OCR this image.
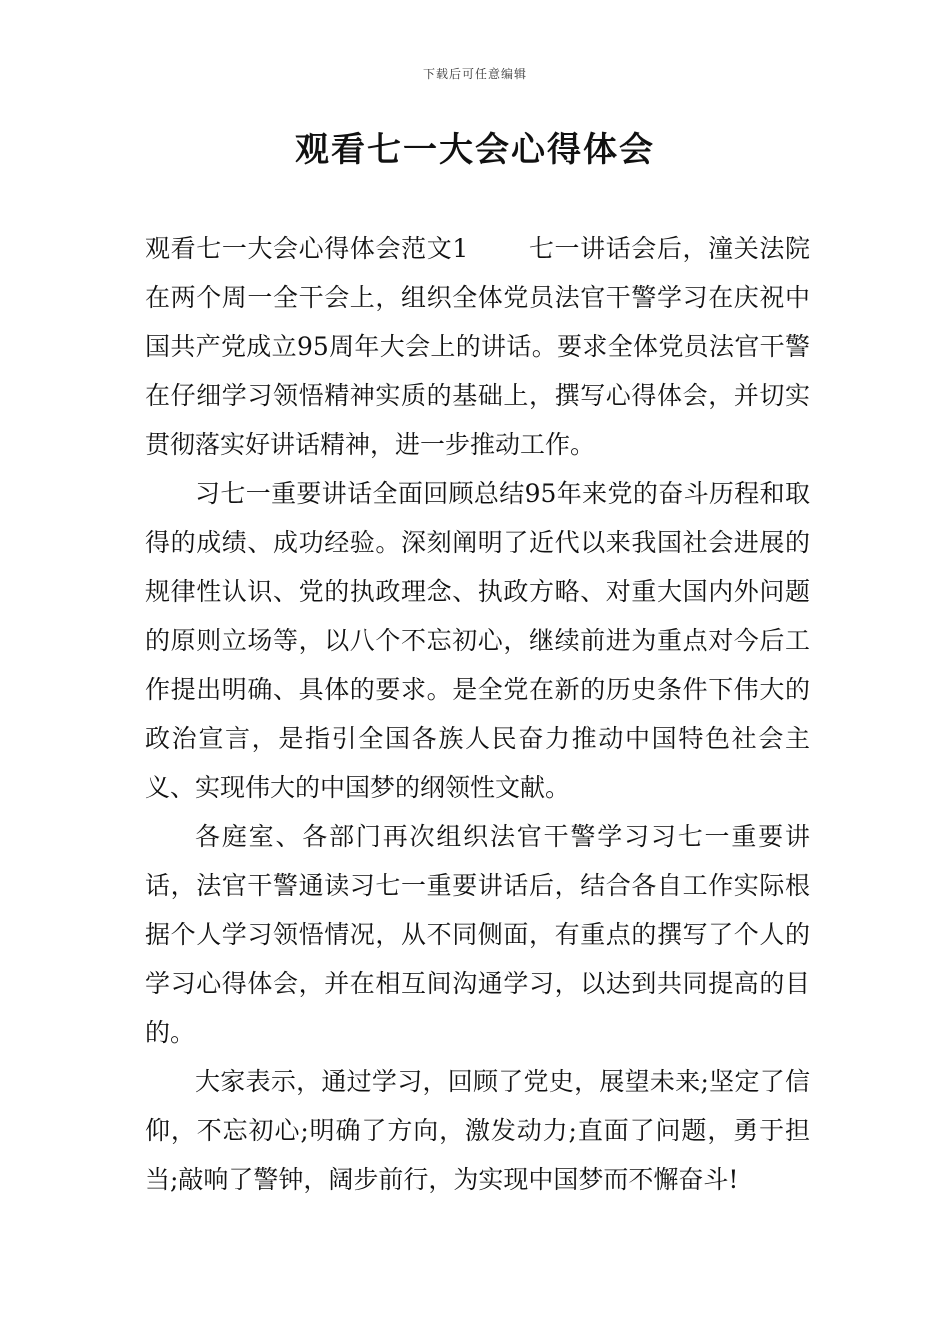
下载后可任意编辑
观看七一大会心得体会

观看七一大会心得体会范文1 七一讲话会后，潼关法院在两个周一全干会上，组织全体党员法官干警学习在庆祝中国共产党成立95周年大会上的讲话。要求全体党员法官干警在仔细学习领悟精神实质的基础上，撰写心得体会，并切实贯彻落实好讲话精神，进一步推动工作。

习七一重要讲话全面回顾总结95年来党的奋斗历程和取得的成绩、成功经验。深刻阐明了近代以来我国社会进展的规律性认识、党的执政理念、执政方略、对重大国内外问题的原则立场等，以八个不忘初心，继续前进为重点对今后工作提出明确、具体的要求。是全党在新的历史条件下伟大的政治宣言，是指引全国各族人民奋力推动中国特色社会主义、实现伟大的中国梦的纲领性文献。

各庭室、各部门再次组织法官干警学习习七一重要讲话，法官干警通读习七一重要讲话后，结合各自工作实际根据个人学习领悟情况，从不同侧面，有重点的撰写了个人的学习心得体会，并在相互间沟通学习，以达到共同提高的目的。

大家表示，通过学习，回顾了党史，展望未来;坚定了信仰，不忘初心;明确了方向，激发动力;直面了问题，勇于担当;敲响了警钟，阔步前行，为实现中国梦而不懈奋斗!
